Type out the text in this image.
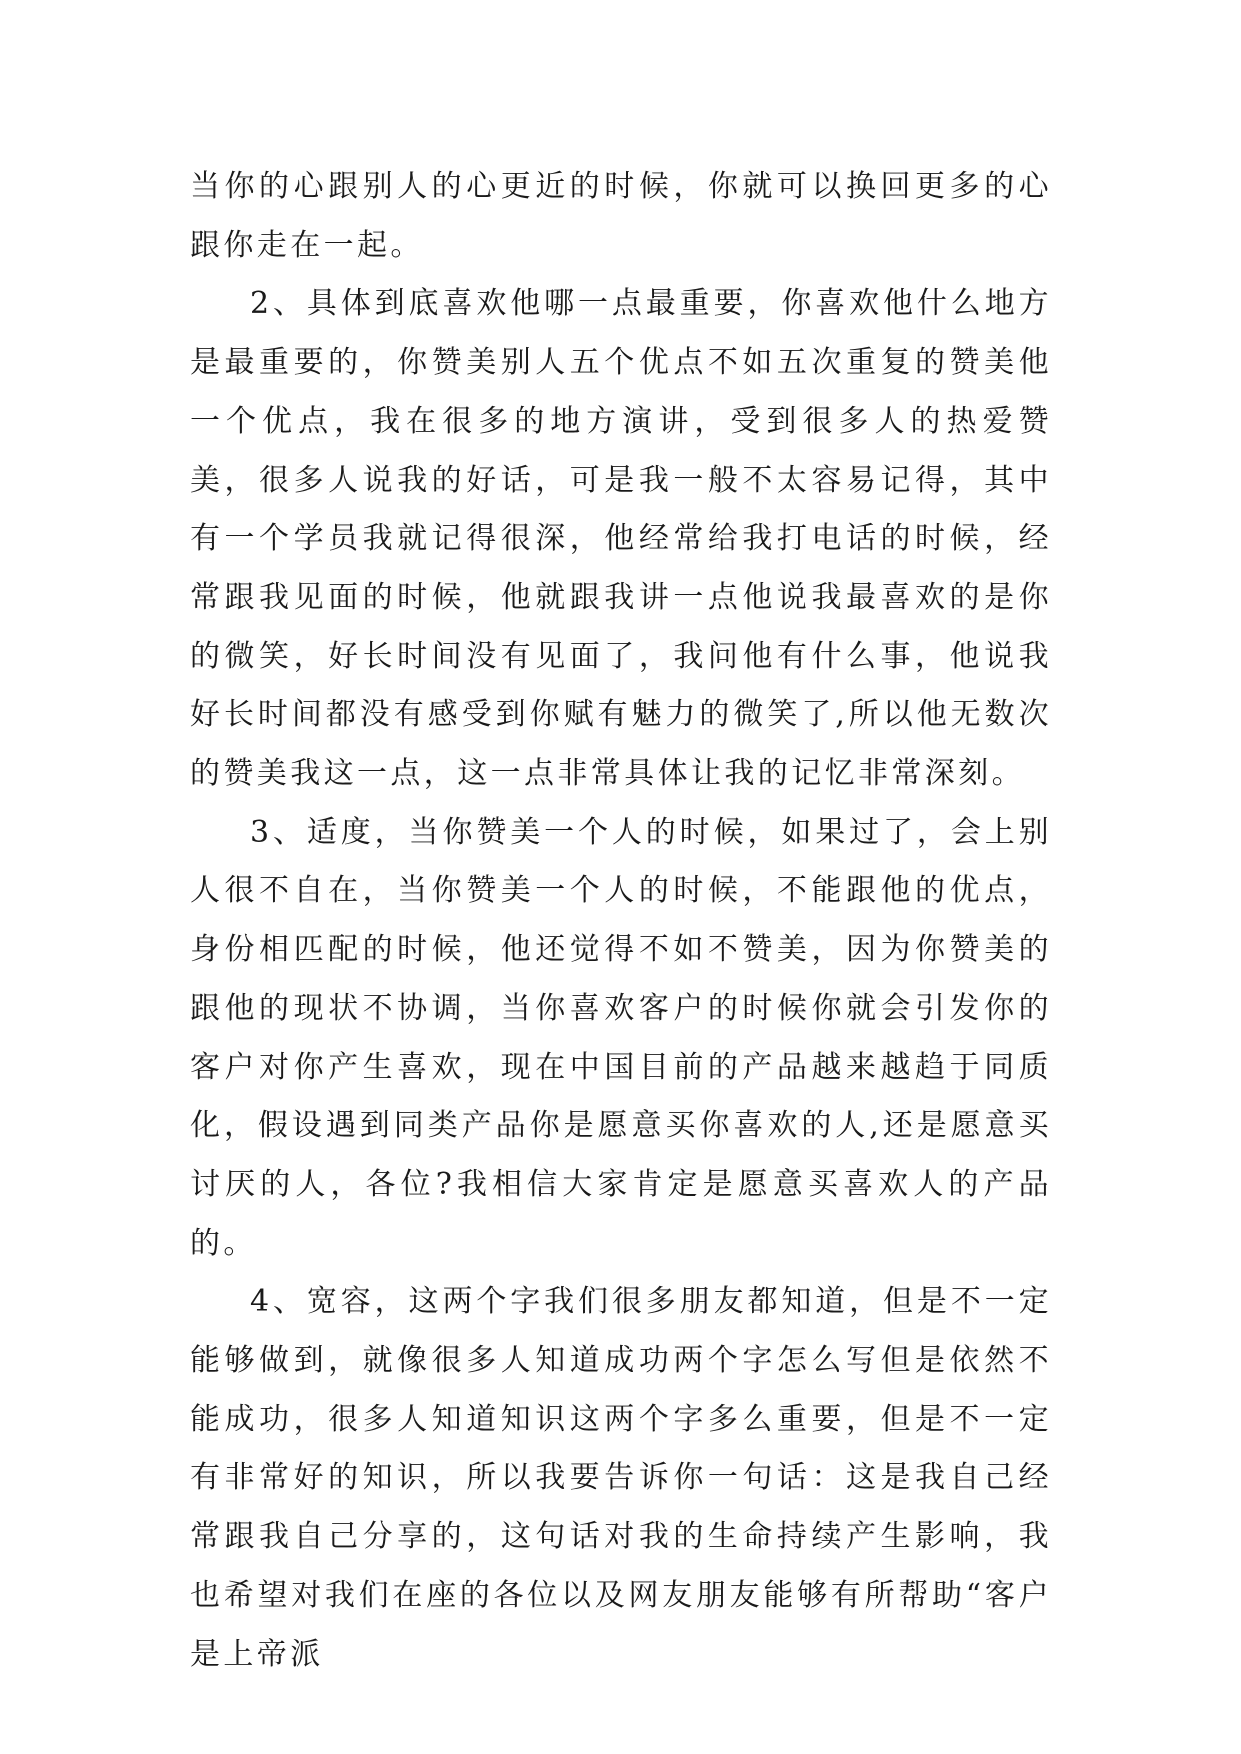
当你的心跟别人的心更近的时候，你就可以换回更多的心跟你走在一起。

2、具体到底喜欢他哪一点最重要，你喜欢他什么地方是最重要的，你赞美别人五个优点不如五次重复的赞美他一个优点，我在很多的地方演讲，受到很多人的热爱赞美，很多人说我的好话，可是我一般不太容易记得，其中有一个学员我就记得很深，他经常给我打电话的时候，经常跟我见面的时候，他就跟我讲一点他说我最喜欢的是你的微笑，好长时间没有见面了，我问他有什么事，他说我好长时间都没有感受到你赋有魅力的微笑了,所以他无数次的赞美我这一点，这一点非常具体让我的记忆非常深刻。

3、适度，当你赞美一个人的时候，如果过了，会上别人很不自在，当你赞美一个人的时候，不能跟他的优点，身份相匹配的时候，他还觉得不如不赞美，因为你赞美的跟他的现状不协调，当你喜欢客户的时候你就会引发你的客户对你产生喜欢，现在中国目前的产品越来越趋于同质化，假设遇到同类产品你是愿意买你喜欢的人,还是愿意买讨厌的人，各位?我相信大家肯定是愿意买喜欢人的产品的。

4、宽容，这两个字我们很多朋友都知道，但是不一定能够做到，就像很多人知道成功两个字怎么写但是依然不能成功，很多人知道知识这两个字多么重要，但是不一定有非常好的知识，所以我要告诉你一句话：这是我自己经常跟我自己分享的，这句话对我的生命持续产生影响，我也希望对我们在座的各位以及网友朋友能够有所帮助“客户是上帝派
